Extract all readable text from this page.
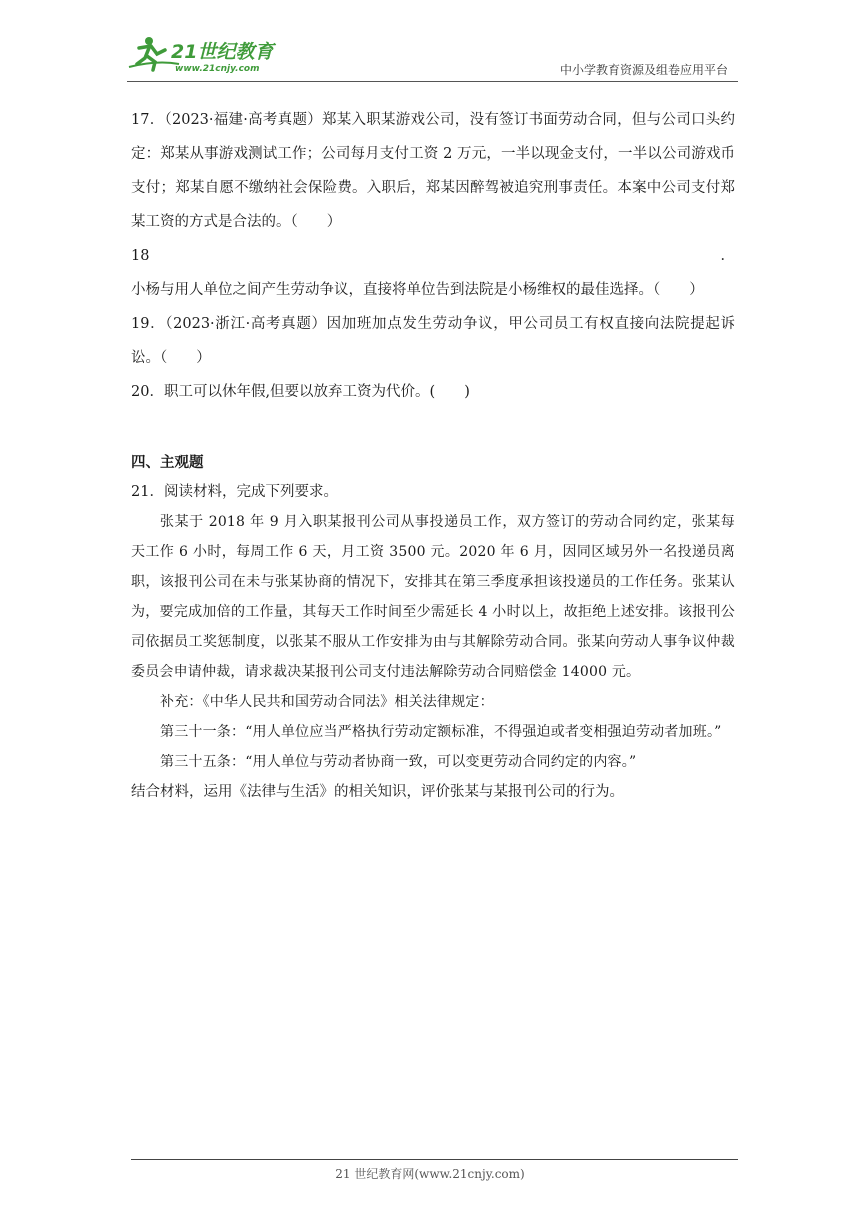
21世纪教育
www.21cnjy.com	中小学教育资源及组卷应用平台

17．（2023·福建·高考真题）郑某入职某游戏公司，没有签订书面劳动合同，但与公司口头约定：郑某从事游戏测试工作；公司每月支付工资 2 万元，一半以现金支付，一半以公司游戏币支付；郑某自愿不缴纳社会保险费。入职后，郑某因醉驾被追究刑事责任。本案中公司支付郑某工资的方式是合法的。（　　）

18．小杨与用人单位之间产生劳动争议，直接将单位告到法院是小杨维权的最佳选择。（　　）

19．（2023·浙江·高考真题）因加班加点发生劳动争议，甲公司员工有权直接向法院提起诉讼。（　　）

20．职工可以休年假,但要以放弃工资为代价。(　　)

四、主观题

21．阅读材料，完成下列要求。

张某于 2018 年 9 月入职某报刊公司从事投递员工作，双方签订的劳动合同约定，张某每天工作 6 小时，每周工作 6 天，月工资 3500 元。2020 年 6 月，因同区域另外一名投递员离职，该报刊公司在未与张某协商的情况下，安排其在第三季度承担该投递员的工作任务。张某认为，要完成加倍的工作量，其每天工作时间至少需延长 4 小时以上，故拒绝上述安排。该报刊公司依据员工奖惩制度，以张某不服从工作安排为由与其解除劳动合同。张某向劳动人事争议仲裁委员会申请仲裁，请求裁决某报刊公司支付违法解除劳动合同赔偿金 14000 元。

补充：《中华人民共和国劳动合同法》相关法律规定：

第三十一条：“用人单位应当严格执行劳动定额标准，不得强迫或者变相强迫劳动者加班。”

第三十五条：“用人单位与劳动者协商一致，可以变更劳动合同约定的内容。”

结合材料，运用《法律与生活》的相关知识，评价张某与某报刊公司的行为。

21 世纪教育网(www.21cnjy.com)
